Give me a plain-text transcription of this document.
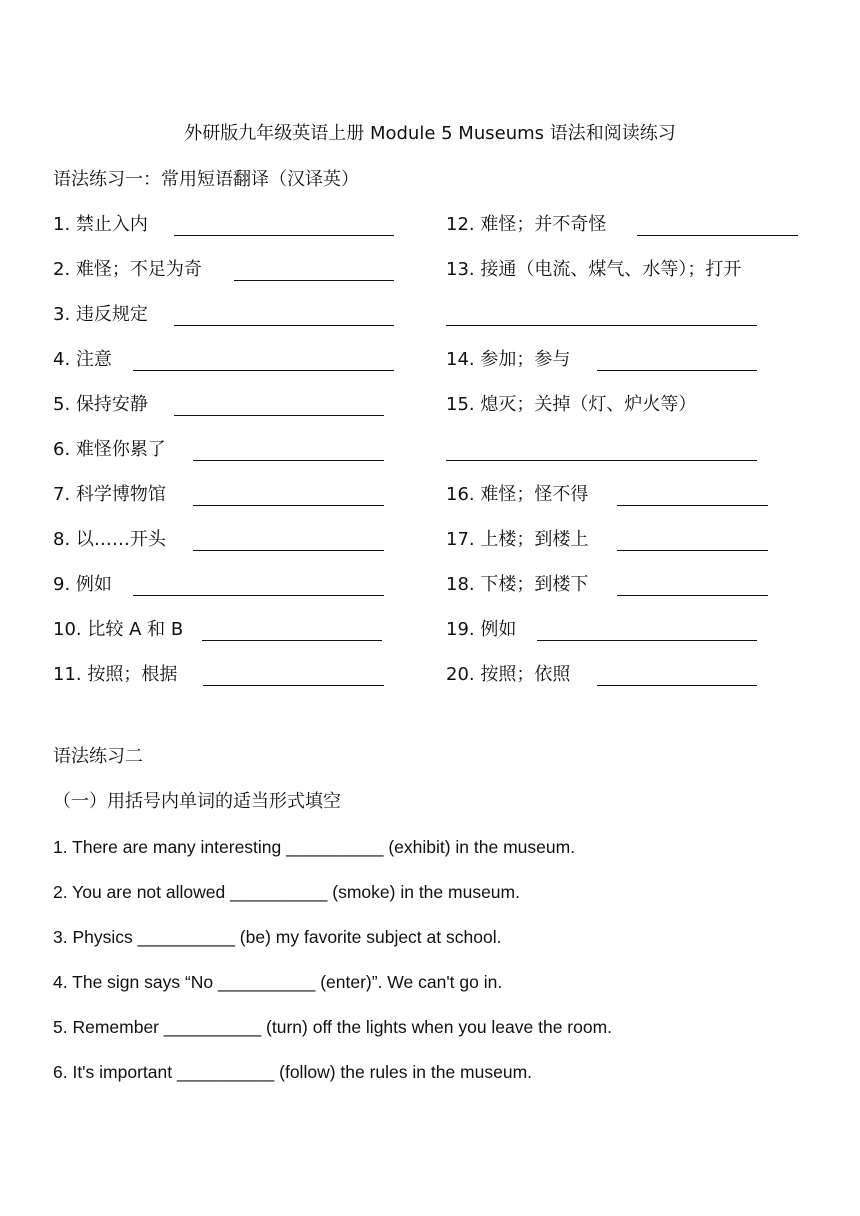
外研版九年级英语上册 Module 5 Museums 语法和阅读练习
语法练习一：常用短语翻译（汉译英）
1. 禁止入内
2. 难怪；不足为奇
3. 违反规定
4. 注意
5. 保持安静
6. 难怪你累了
7. 科学博物馆
8. 以……开头
9. 例如
10. 比较 A 和 B
11. 按照；根据
12. 难怪；并不奇怪
13. 接通（电流、煤气、水等）；打开
14. 参加；参与
15. 熄灭；关掉（灯、炉火等）
16. 难怪；怪不得
17. 上楼；到楼上
18. 下楼；到楼下
19. 例如
20. 按照；依照
语法练习二
（一）用括号内单词的适当形式填空
1. There are many interesting __________ (exhibit) in the museum.
2. You are not allowed __________ (smoke) in the museum.
3. Physics __________ (be) my favorite subject at school.
4. The sign says “No __________ (enter)”. We can't go in.
5. Remember __________ (turn) off the lights when you leave the room.
6. It's important __________ (follow) the rules in the museum.
